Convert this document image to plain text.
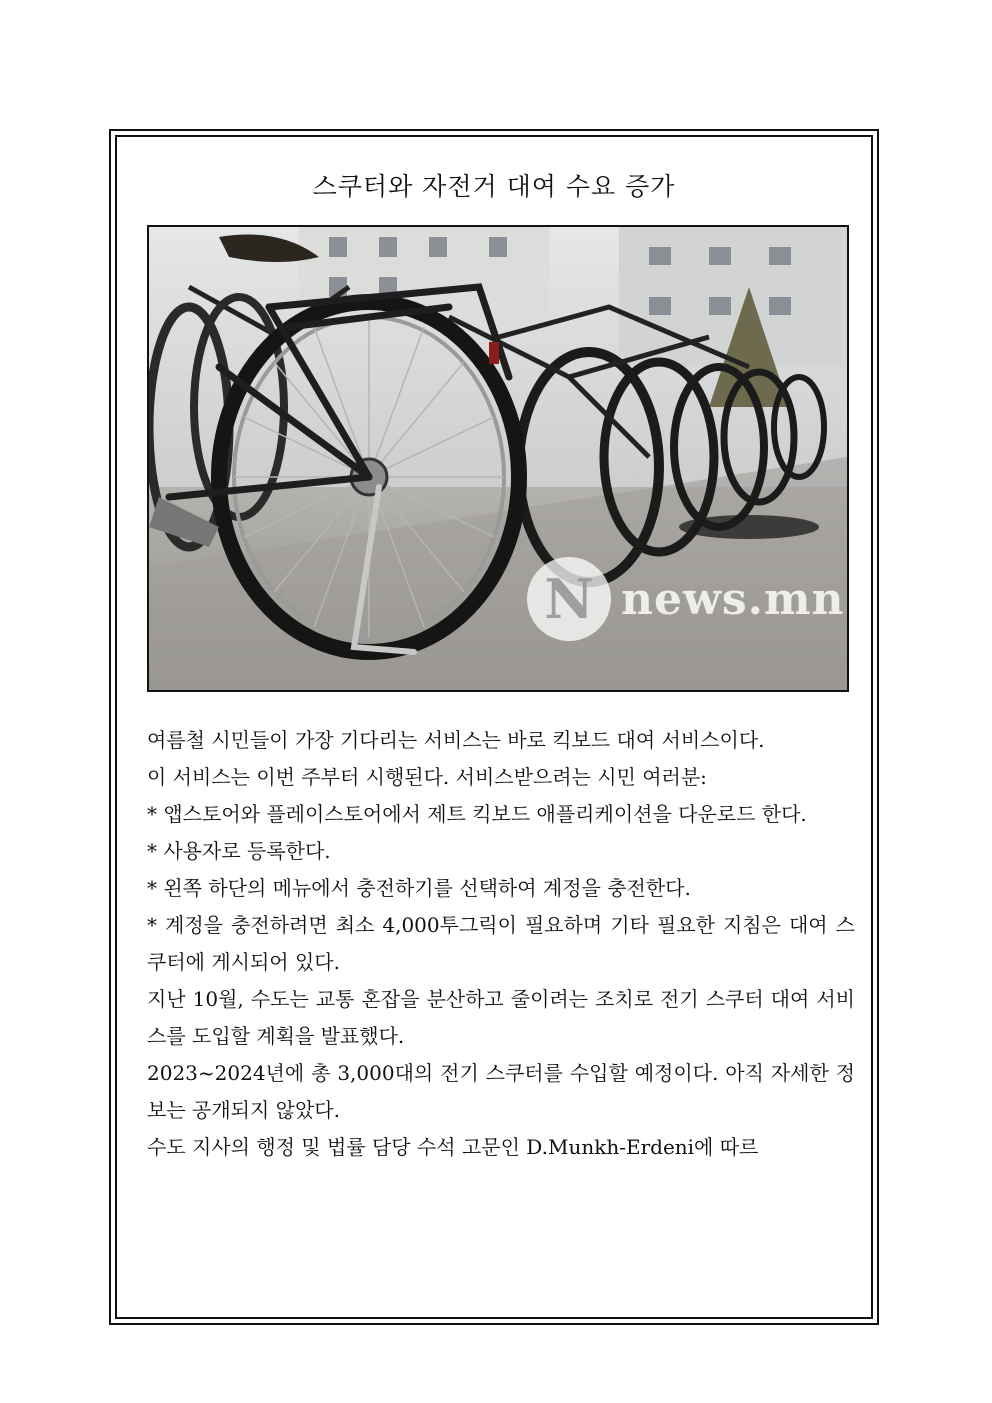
스쿠터와 자전거 대여 수요 증가
N news.mn

여름철 시민들이 가장 기다리는 서비스는 바로 킥보드 대여 서비스이다.

이 서비스는 이번 주부터 시행된다. 서비스받으려는 시민 여러분:

* 앱스토어와 플레이스토어에서 제트 킥보드 애플리케이션을 다운로드 한다.

* 사용자로 등록한다.

* 왼쪽 하단의 메뉴에서 충전하기를 선택하여 계정을 충전한다.

* 계정을 충전하려면 최소 4,000투그릭이 필요하며 기타 필요한 지침은 대여 스쿠터에 게시되어 있다.

지난 10월, 수도는 교통 혼잡을 분산하고 줄이려는 조치로 전기 스쿠터 대여 서비스를 도입할 계획을 발표했다.

2023~2024년에 총 3,000대의 전기 스쿠터를 수입할 예정이다. 아직 자세한 정보는 공개되지 않았다.

수도 지사의 행정 및 법률 담당 수석 고문인 D.Munkh-Erdeni에 따르
